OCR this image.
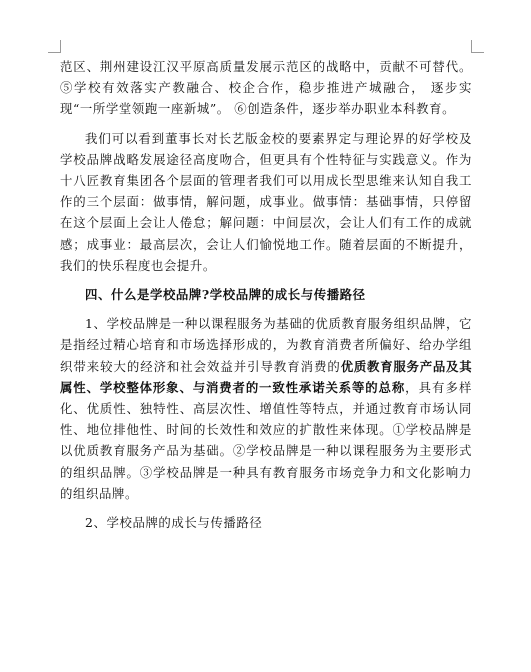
范区、荆州建设江汉平原高质量发展示范区的战略中，贡献不可替代。⑤学校有效落实产教融合、校企合作，稳步推进产城融合， 逐步实现“一所学堂领跑一座新城”。 ⑥创造条件，逐步举办职业本科教育。

我们可以看到董事长对长艺版金校的要素界定与理论界的好学校及学校品牌战略发展途径高度吻合，但更具有个性特征与实践意义。作为十八匠教育集团各个层面的管理者我们可以用成长型思维来认知自我工作的三个层面：做事情，解问题，成事业。做事情：基础事情，只停留在这个层面上会让人倦怠；解问题：中间层次，会让人们有工作的成就感；成事业：最高层次，会让人们愉悦地工作。随着层面的不断提升，我们的快乐程度也会提升。

四、什么是学校品牌?学校品牌的成长与传播路径

1、学校品牌是一种以课程服务为基础的优质教育服务组织品牌，它是指经过精心培育和市场选择形成的，为教育消费者所偏好、给办学组织带来较大的经济和社会效益并引导教育消费的优质教育服务产品及其属性、学校整体形象、与消费者的一致性承诺关系等的总称，具有多样化、优质性、独特性、高层次性、增值性等特点，并通过教育市场认同性、地位排他性、时间的长效性和效应的扩散性来体现。①学校品牌是以优质教育服务产品为基础。②学校品牌是一种以课程服务为主要形式的组织品牌。③学校品牌是一种具有教育服务市场竞争力和文化影响力的组织品牌。

2、学校品牌的成长与传播路径
